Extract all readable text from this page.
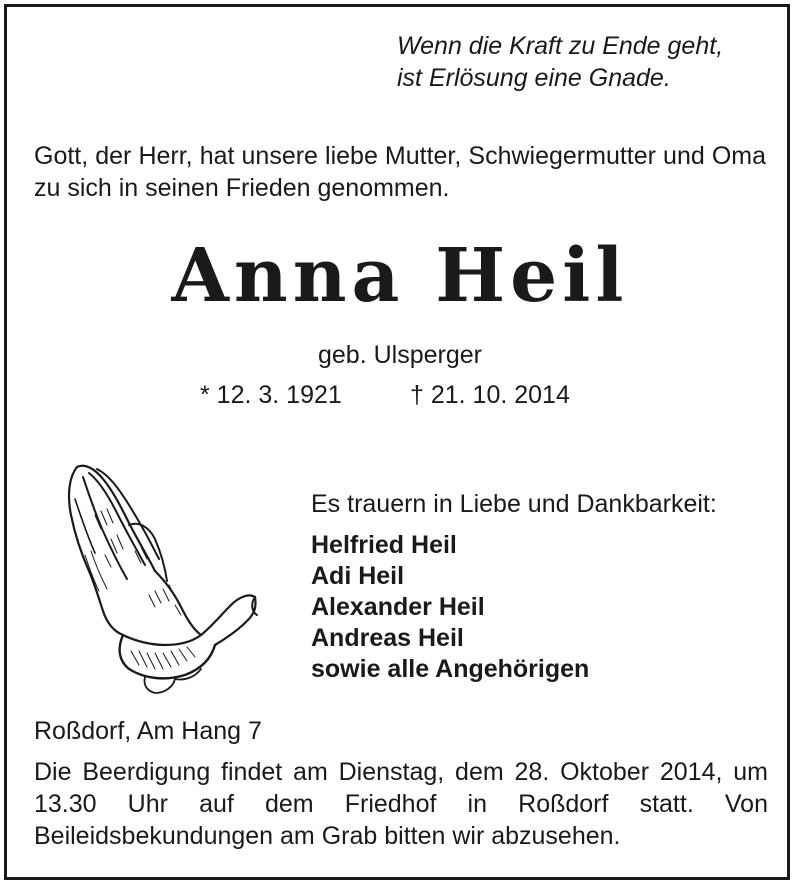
Wenn die Kraft zu Ende geht,
ist Erlösung eine Gnade.

Gott, der Herr, hat unsere liebe Mutter, Schwiegermutter und Oma zu sich in seinen Frieden genommen.

Anna Heil

geb. Ulsperger

* 12. 3. 1921	† 21. 10. 2014

Es trauern in Liebe und Dankbarkeit:

Helfried Heil
Adi Heil
Alexander Heil
Andreas Heil
sowie alle Angehörigen

Roßdorf, Am Hang 7

Die Beerdigung findet am Dienstag, dem 28. Oktober 2014, um 13.30 Uhr auf dem Friedhof in Roßdorf statt. Von Beileidsbekundungen am Grab bitten wir abzusehen.
